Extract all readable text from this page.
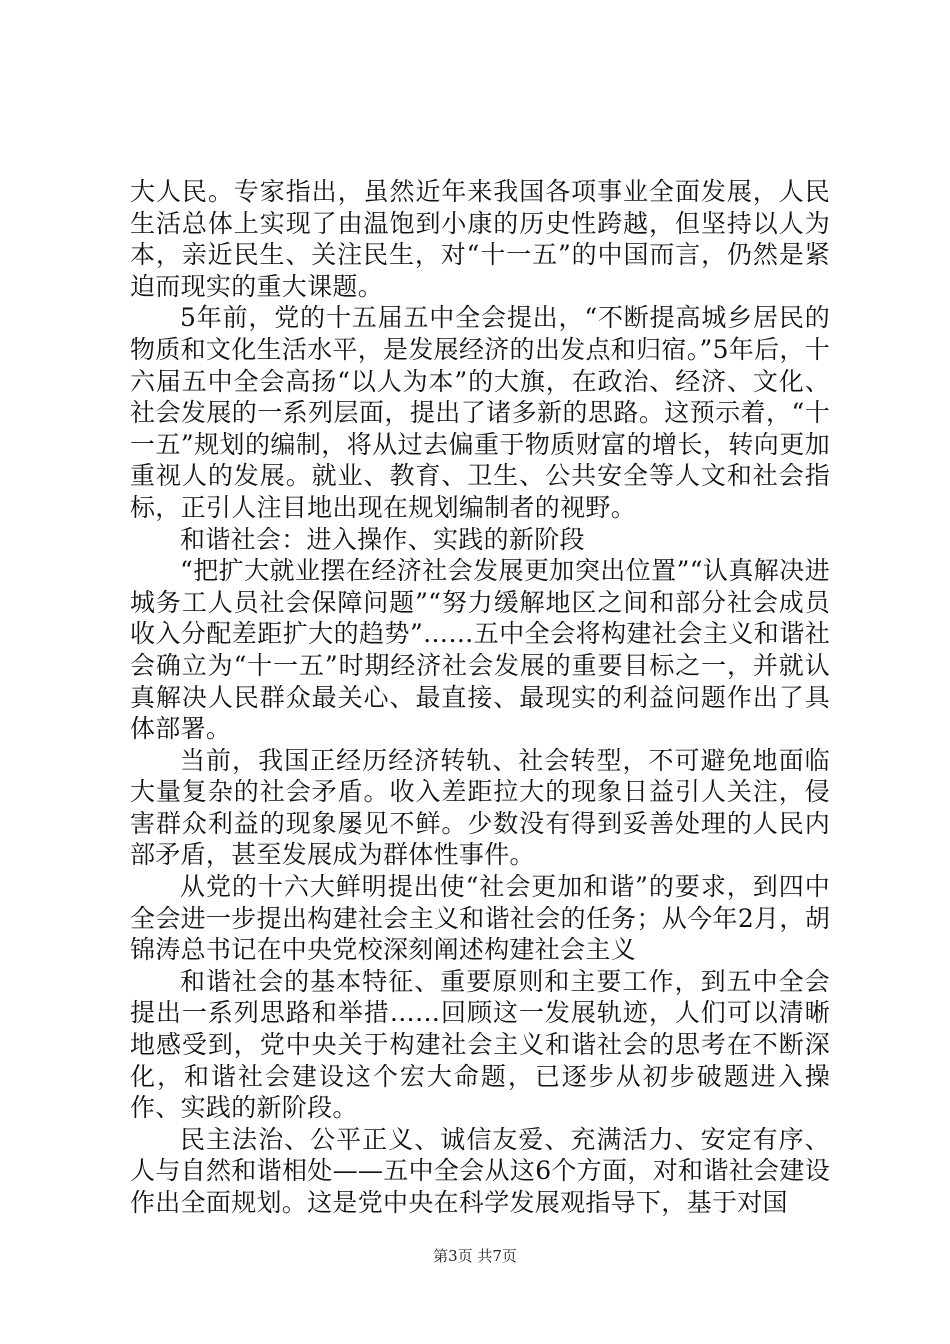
大人民。专家指出，虽然近年来我国各项事业全面发展，人民生活总体上实现了由温饱到小康的历史性跨越，但坚持以人为本，亲近民生、关注民生，对“十一五”的中国而言，仍然是紧迫而现实的重大课题。

5年前，党的十五届五中全会提出，“不断提高城乡居民的物质和文化生活水平，是发展经济的出发点和归宿。”5年后，十六届五中全会高扬“以人为本”的大旗，在政治、经济、文化、社会发展的一系列层面，提出了诸多新的思路。这预示着，“十一五”规划的编制，将从过去偏重于物质财富的增长，转向更加重视人的发展。就业、教育、卫生、公共安全等人文和社会指标，正引人注目地出现在规划编制者的视野。

和谐社会：进入操作、实践的新阶段

“把扩大就业摆在经济社会发展更加突出位置”“认真解决进城务工人员社会保障问题”“努力缓解地区之间和部分社会成员收入分配差距扩大的趋势”……五中全会将构建社会主义和谐社会确立为“十一五”时期经济社会发展的重要目标之一，并就认真解决人民群众最关心、最直接、最现实的利益问题作出了具体部署。

当前，我国正经历经济转轨、社会转型，不可避免地面临大量复杂的社会矛盾。收入差距拉大的现象日益引人关注，侵害群众利益的现象屡见不鲜。少数没有得到妥善处理的人民内部矛盾，甚至发展成为群体性事件。

从党的十六大鲜明提出使“社会更加和谐”的要求，到四中全会进一步提出构建社会主义和谐社会的任务；从今年2月，胡锦涛总书记在中央党校深刻阐述构建社会主义

和谐社会的基本特征、重要原则和主要工作，到五中全会提出一系列思路和举措……回顾这一发展轨迹，人们可以清晰地感受到，党中央关于构建社会主义和谐社会的思考在不断深化，和谐社会建设这个宏大命题，已逐步从初步破题进入操作、实践的新阶段。

民主法治、公平正义、诚信友爱、充满活力、安定有序、人与自然和谐相处——五中全会从这6个方面，对和谐社会建设作出全面规划。这是党中央在科学发展观指导下，基于对国

第3页 共7页
